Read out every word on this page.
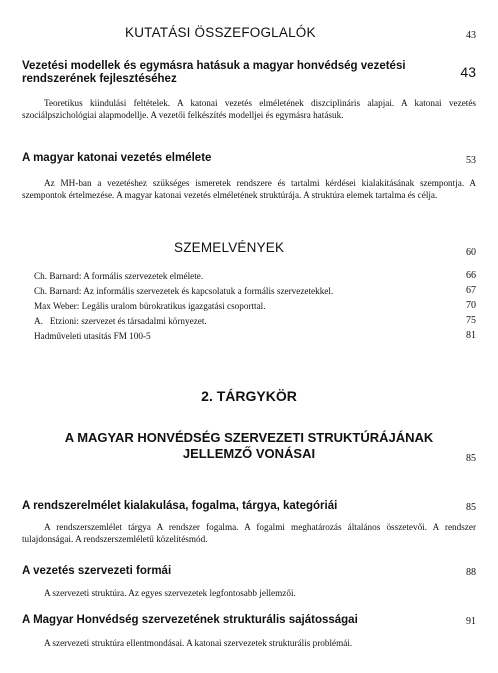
KUTATÁSI ÖSSZEFOGLALÓK	43
Vezetési modellek és egymásra hatásuk a magyar honvédség vezetési rendszerének fejlesztéséhez	43
Teoretikus kiindulási feltételek. A katonai vezetés elméletének diszciplináris alapjai. A katonai vezetés szociálpszichológiai alapmodellje. A vezetői felkészítés modelljei és egymásra hatásuk.
A magyar katonai vezetés elmélete	53
Az MH-ban a vezetéshez szükséges ismeretek rendszere és tartalmi kérdései kialakításának szempontja. A szempontok értelmezése. A magyar katonai vezetés elméletének struktúrája. A struktúra elemek tartalma és célja.
SZEMELVÉNYEK	60
Ch. Barnard: A formális szervezetek elmélete.	66
Ch. Barnard: Az informális szervezetek és kapcsolatuk a formális szervezetekkel.	67
Max Weber: Legális uralom bürokratikus igazgatási csoporttal.	70
A.   Etzioni: szervezet és társadalmi környezet.	75
Hadműveleti utasítás FM 100-5	81
2. TÁRGYKÖR
A MAGYAR HONVÉDSÉG SZERVEZETI STRUKTÚRÁJÁNAK
JELLEMZŐ VONÁSAI	85
A rendszerelmélet kialakulása, fogalma, tárgya, kategóriái	85
A rendszerszemlélet tárgya A rendszer fogalma. A fogalmi meghatározás általános összetevői. A rendszer tulajdonságai. A rendszerszemléletű közelítésmód.
A vezetés szervezeti formái	88
A szervezeti struktúra. Az egyes szervezetek legfontosabb jellemzői.
A Magyar Honvédség szervezetének strukturális sajátosságai	91
A szervezeti struktúra ellentmondásai. A katonai szervezetek strukturális problémái.
